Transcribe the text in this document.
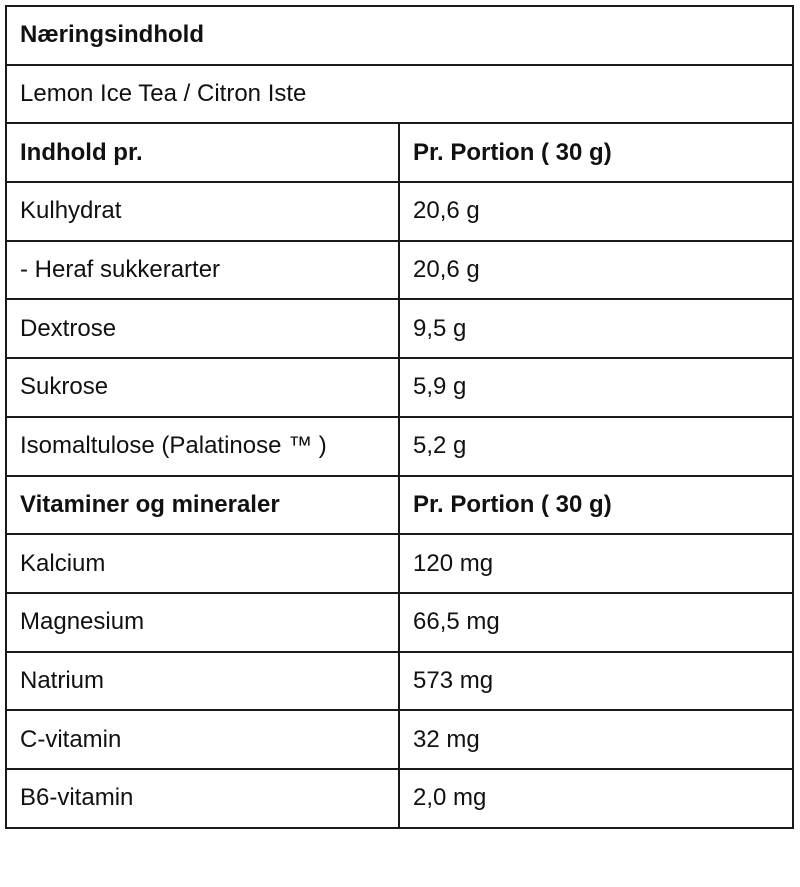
Næringsindhold	
Lemon Ice Tea / Citron Iste	
Indhold pr.	Pr. Portion ( 30 g)
Kulhydrat	20,6 g
- Heraf sukkerarter	20,6 g
Dextrose	9,5 g
Sukrose	5,9 g
Isomaltulose (Palatinose ™ )	5,2 g
Vitaminer og mineraler	Pr. Portion ( 30 g)
Kalcium	120 mg
Magnesium	66,5 mg
Natrium	573 mg
C-vitamin	32 mg
B6-vitamin	2,0 mg
